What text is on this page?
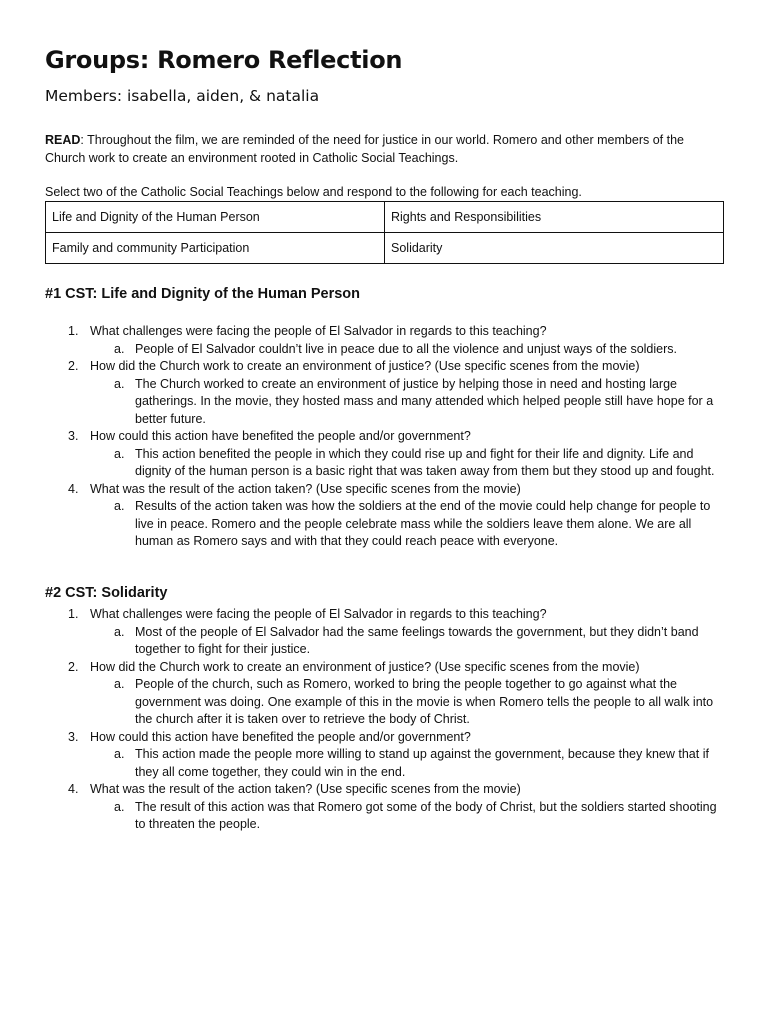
Groups: Romero Reflection
Members: isabella, aiden, & natalia
READ: Throughout the film, we are reminded of the need for justice in our world. Romero and other members of the Church work to create an environment rooted in Catholic Social Teachings.
Select two of the Catholic Social Teachings below and respond to the following for each teaching.
Life and Dignity of the Human Person	Rights and Responsibilities
Family and community Participation	Solidarity
#1 CST: Life and Dignity of the Human Person
1. What challenges were facing the people of El Salvador in regards to this teaching?
a. People of El Salvador couldn’t live in peace due to all the violence and unjust ways of the soldiers.
2. How did the Church work to create an environment of justice? (Use specific scenes from the movie)
a. The Church worked to create an environment of justice by helping those in need and hosting large gatherings. In the movie, they hosted mass and many attended which helped people still have hope for a better future.
3. How could this action have benefited the people and/or government?
a. This action benefited the people in which they could rise up and fight for their life and dignity. Life and dignity of the human person is a basic right that was taken away from them but they stood up and fought.
4. What was the result of the action taken? (Use specific scenes from the movie)
a. Results of the action taken was how the soldiers at the end of the movie could help change for people to live in peace. Romero and the people celebrate mass while the soldiers leave them alone. We are all human as Romero says and with that they could reach peace with everyone.
#2 CST: Solidarity
1. What challenges were facing the people of El Salvador in regards to this teaching?
a. Most of the people of El Salvador had the same feelings towards the government, but they didn’t band together to fight for their justice.
2. How did the Church work to create an environment of justice? (Use specific scenes from the movie)
a. People of the church, such as Romero, worked to bring the people together to go against what the government was doing. One example of this in the movie is when Romero tells the people to all walk into the church after it is taken over to retrieve the body of Christ.
3. How could this action have benefited the people and/or government?
a. This action made the people more willing to stand up against the government, because they knew that if they all come together, they could win in the end.
4. What was the result of the action taken? (Use specific scenes from the movie)
a. The result of this action was that Romero got some of the body of Christ, but the soldiers started shooting to threaten the people.
